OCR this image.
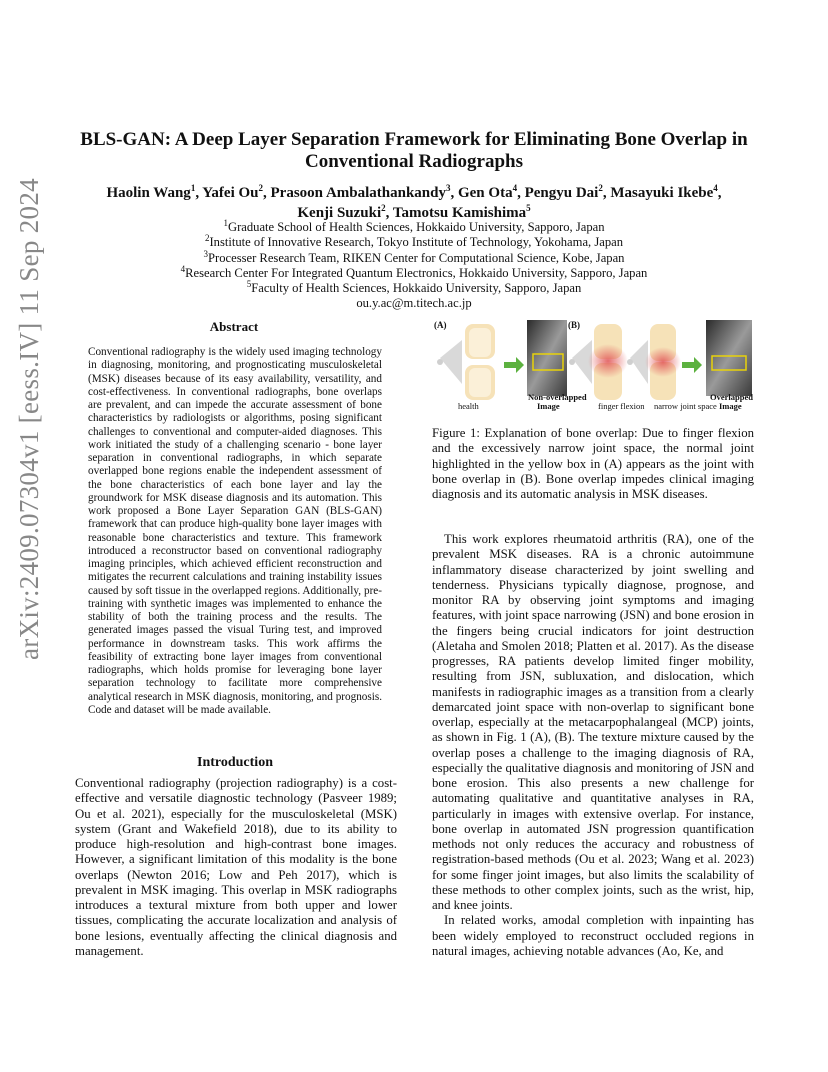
arXiv:2409.07304v1 [eess.IV] 11 Sep 2024
BLS-GAN: A Deep Layer Separation Framework for Eliminating Bone Overlap in Conventional Radiographs
Haolin Wang$^1$, Yafei Ou$^2$, Prasoon Ambalathankandy$^3$, Gen Ota$^4$, Pengyu Dai$^2$, Masayuki Ikebe$^4$,
Kenji Suzuki$^2$, Tamotsu Kamishima$^5$
$^1$Graduate School of Health Sciences, Hokkaido University, Sapporo, Japan
$^2$Institute of Innovative Research, Tokyo Institute of Technology, Yokohama, Japan
$^3$Processer Research Team, RIKEN Center for Computational Science, Kobe, Japan
$^4$Research Center For Integrated Quantum Electronics, Hokkaido University, Sapporo, Japan
$^5$Faculty of Health Sciences, Hokkaido University, Sapporo, Japan
ou.y.ac@m.titech.ac.jp
Abstract

Conventional radiography is the widely used imaging technology in diagnosing, monitoring, and prognosticating musculoskeletal (MSK) diseases because of its easy availability, versatility, and cost-effectiveness. In conventional radiographs, bone overlaps are prevalent, and can impede the accurate assessment of bone characteristics by radiologists or algorithms, posing significant challenges to conventional and computer-aided diagnoses. This work initiated the study of a challenging scenario - bone layer separation in conventional radiographs, in which separate overlapped bone regions enable the independent assessment of the bone characteristics of each bone layer and lay the groundwork for MSK disease diagnosis and its automation. This work proposed a Bone Layer Separation GAN (BLS-GAN) framework that can produce high-quality bone layer images with reasonable bone characteristics and texture. This framework introduced a reconstructor based on conventional radiography imaging principles, which achieved efficient reconstruction and mitigates the recurrent calculations and training instability issues caused by soft tissue in the overlapped regions. Additionally, pre-training with synthetic images was implemented to enhance the stability of both the training process and the results. The generated images passed the visual Turing test, and improved performance in downstream tasks. This work affirms the feasibility of extracting bone layer images from conventional radiographs, which holds promise for leveraging bone layer separation technology to facilitate more comprehensive analytical research in MSK diagnosis, monitoring, and prognosis. Code and dataset will be made available.

Introduction

Conventional radiography (projection radiography) is a cost-effective and versatile diagnostic technology (Pasveer 1989; Ou et al. 2021), especially for the musculoskeletal (MSK) system (Grant and Wakefield 2018), due to its ability to produce high-resolution and high-contrast bone images. However, a significant limitation of this modality is the bone overlaps (Newton 2016; Low and Peh 2017), which is prevalent in MSK imaging. This overlap in MSK radiographs introduces a textural mixture from both upper and lower tissues, complicating the accurate localization and analysis of bone lesions, eventually affecting the clinical diagnosis and management.

(A)
health
Non-overlapped
Image
(B)
finger flexion narrow joint space
Overlapped
Image
Figure 1: Explanation of bone overlap: Due to finger flexion and the excessively narrow joint space, the normal joint highlighted in the yellow box in (A) appears as the joint with bone overlap in (B). Bone overlap impedes clinical imaging diagnosis and its automatic analysis in MSK diseases.

This work explores rheumatoid arthritis (RA), one of the prevalent MSK diseases. RA is a chronic autoimmune inflammatory disease characterized by joint swelling and tenderness. Physicians typically diagnose, prognose, and monitor RA by observing joint symptoms and imaging features, with joint space narrowing (JSN) and bone erosion in the fingers being crucial indicators for joint destruction (Aletaha and Smolen 2018; Platten et al. 2017). As the disease progresses, RA patients develop limited finger mobility, resulting from JSN, subluxation, and dislocation, which manifests in radiographic images as a transition from a clearly demarcated joint space with non-overlap to significant bone overlap, especially at the metacarpophalangeal (MCP) joints, as shown in Fig. 1 (A), (B). The texture mixture caused by the overlap poses a challenge to the imaging diagnosis of RA, especially the qualitative diagnosis and monitoring of JSN and bone erosion. This also presents a new challenge for automating qualitative and quantitative analyses in RA, particularly in images with extensive overlap. For instance, bone overlap in automated JSN progression quantification methods not only reduces the accuracy and robustness of registration-based methods (Ou et al. 2023; Wang et al. 2023) for some finger joint images, but also limits the scalability of these methods to other complex joints, such as the wrist, hip, and knee joints.

In related works, amodal completion with inpainting has been widely employed to reconstruct occluded regions in natural images, achieving notable advances (Ao, Ke, and
